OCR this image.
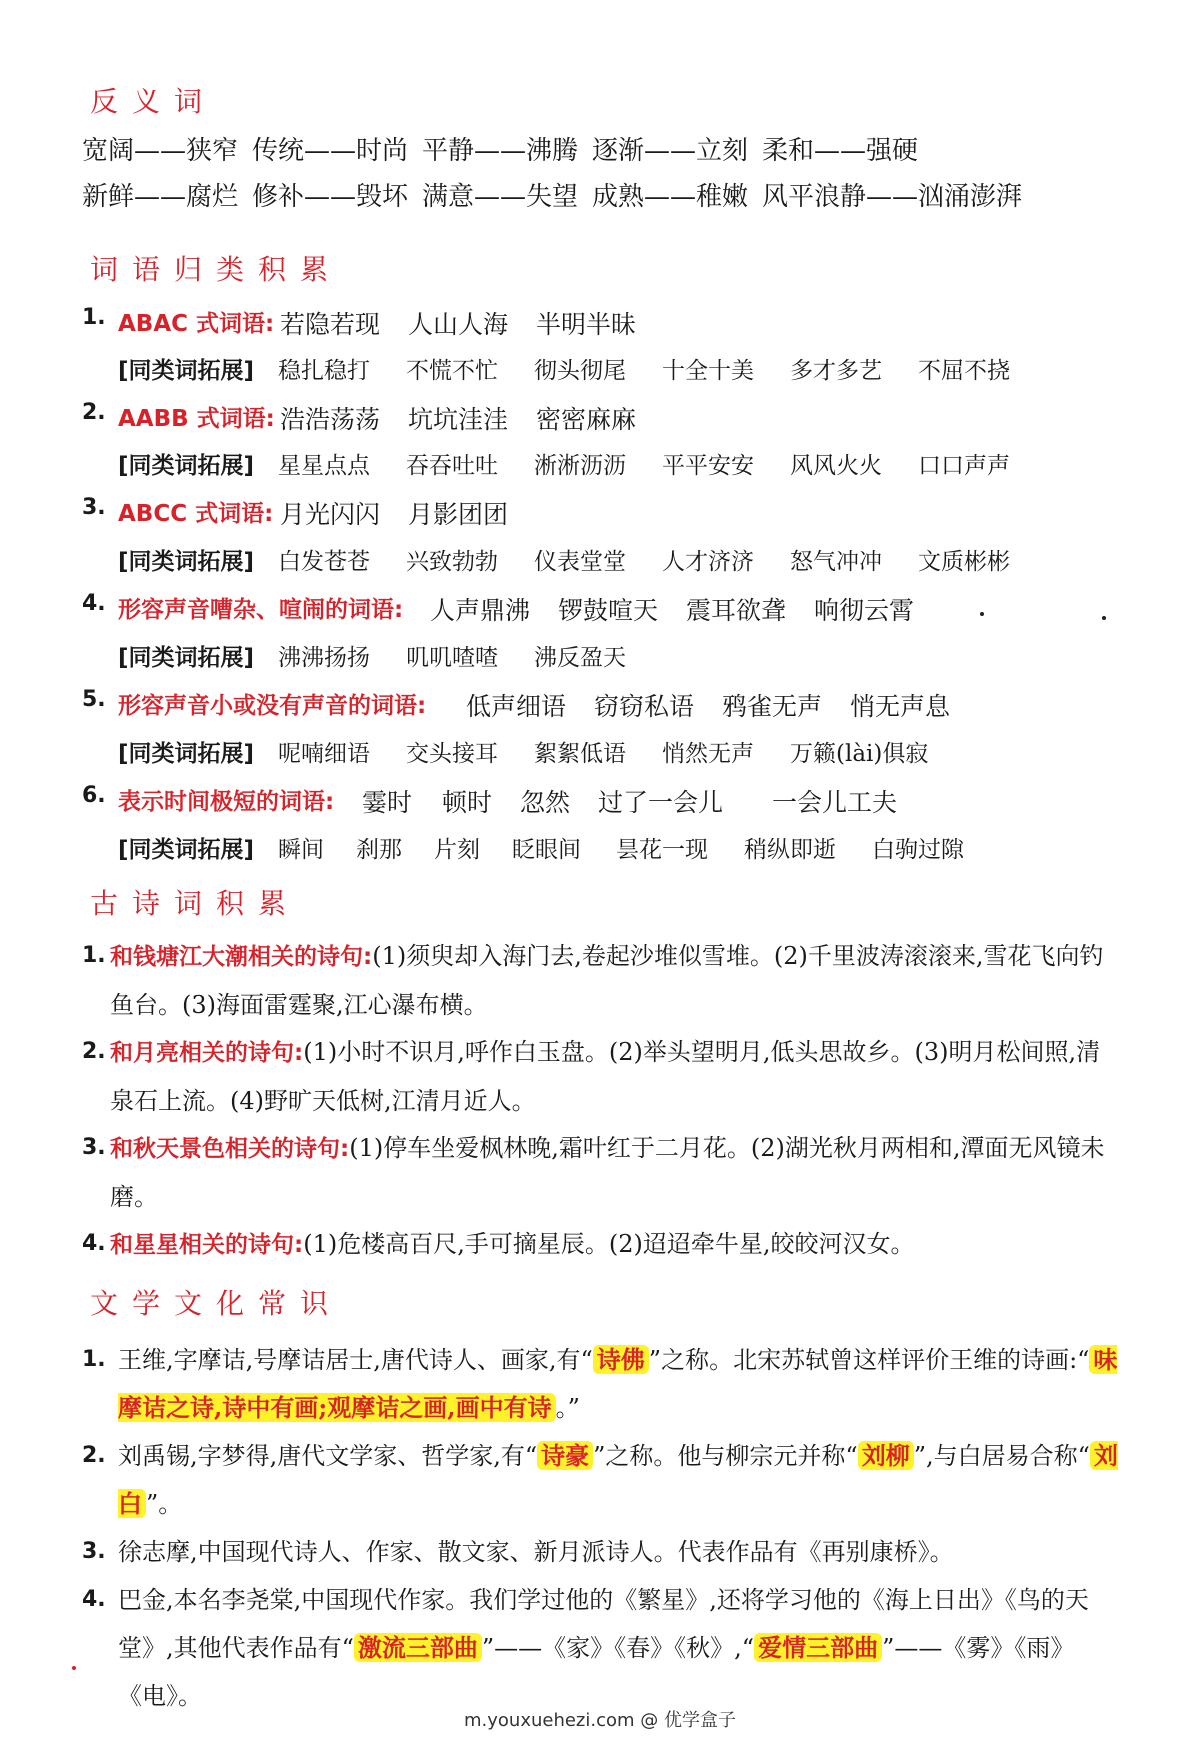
反义词
宽阔——狭窄 传统——时尚 平静——沸腾 逐渐——立刻 柔和——强硬
新鲜——腐烂 修补——毁坏 满意——失望 成熟——稚嫩 风平浪静——汹涌澎湃
词语归类积累
1. ABAC 式词语: 若隐若现 人山人海 半明半昧
[同类词拓展] 稳扎稳打 不慌不忙 彻头彻尾 十全十美 多才多艺 不屈不挠
2. AABB 式词语: 浩浩荡荡 坑坑洼洼 密密麻麻
[同类词拓展] 星星点点 吞吞吐吐 淅淅沥沥 平平安安 风风火火 口口声声
3. ABCC 式词语: 月光闪闪 月影团团
[同类词拓展] 白发苍苍 兴致勃勃 仪表堂堂 人才济济 怒气冲冲 文质彬彬
4. 形容声音嘈杂、喧闹的词语: 人声鼎沸 锣鼓喧天 震耳欲聋 响彻云霄
[同类词拓展] 沸沸扬扬 叽叽喳喳 沸反盈天
5. 形容声音小或没有声音的词语: 低声细语 窃窃私语 鸦雀无声 悄无声息
[同类词拓展] 呢喃细语 交头接耳 絮絮低语 悄然无声 万籁(lài)俱寂
6. 表示时间极短的词语: 霎时 顿时 忽然 过了一会儿 一会儿工夫
[同类词拓展] 瞬间 刹那 片刻 眨眼间 昙花一现 稍纵即逝 白驹过隙
古诗词积累
1. 和钱塘江大潮相关的诗句:(1)须臾却入海门去,卷起沙堆似雪堆。(2)千里波涛滚滚来,雪花飞向钓鱼台。(3)海面雷霆聚,江心瀑布横。
2. 和月亮相关的诗句:(1)小时不识月,呼作白玉盘。(2)举头望明月,低头思故乡。(3)明月松间照,清泉石上流。(4)野旷天低树,江清月近人。
3. 和秋天景色相关的诗句:(1)停车坐爱枫林晚,霜叶红于二月花。(2)湖光秋月两相和,潭面无风镜未磨。
4. 和星星相关的诗句:(1)危楼高百尺,手可摘星辰。(2)迢迢牵牛星,皎皎河汉女。
文学文化常识
1. 王维,字摩诘,号摩诘居士,唐代诗人、画家,有“ 诗佛 ”之称。北宋苏轼曾这样评价王维的诗画:“ 味摩诘之诗,诗中有画;观摩诘之画,画中有诗 。”
2. 刘禹锡,字梦得,唐代文学家、哲学家,有“ 诗豪 ”之称。他与柳宗元并称“ 刘柳 ”,与白居易合称“ 刘白 ”。
3. 徐志摩,中国现代诗人、作家、散文家、新月派诗人。代表作品有《再别康桥》。
4. 巴金,本名李尧棠,中国现代作家。我们学过他的《繁星》,还将学习他的《海上日出》《鸟的天堂》,其他代表作品有“ 激流三部曲 ”——《家》《春》《秋》,“ 爱情三部曲 ”——《雾》《雨》《电》。
m.youxuehezi.com @ 优学盒子
